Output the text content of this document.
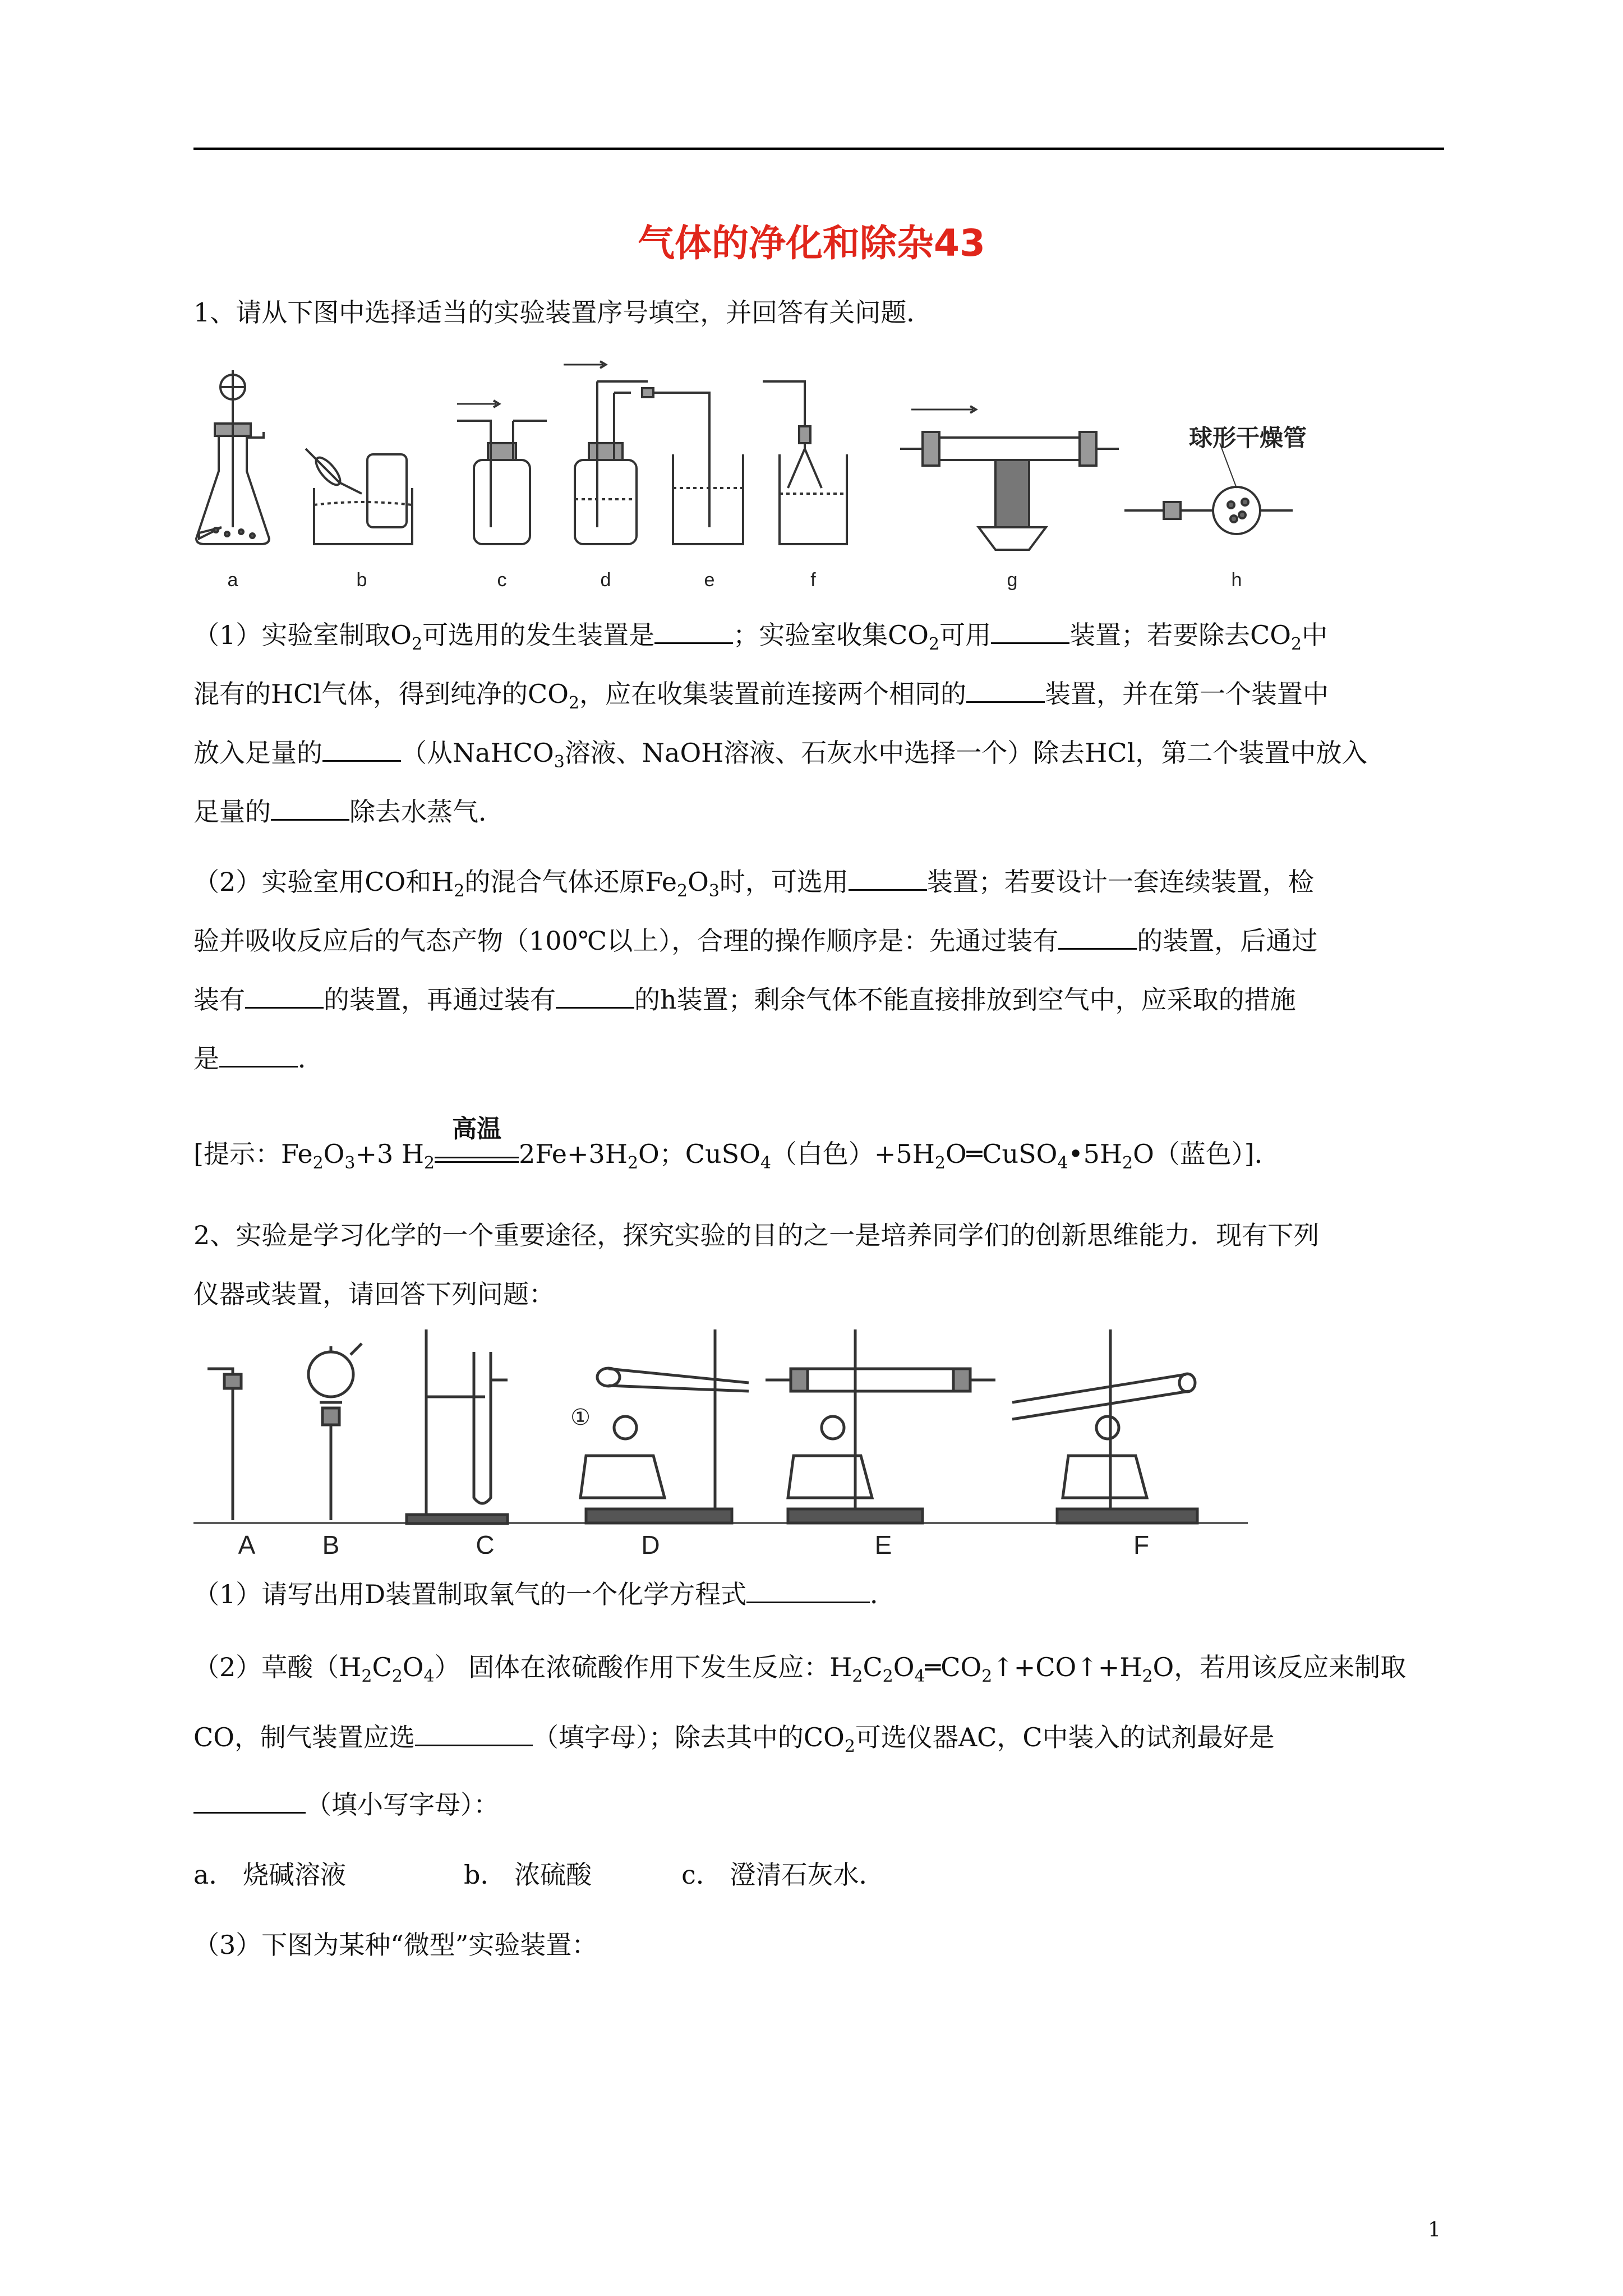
气体的净化和除杂43
1、请从下图中选择适当的实验装置序号填空，并回答有关问题．
a	b	c	d	e	f	g	h
球形干燥管
（1）实验室制取$O_2$可选用的发生装置是	；实验室收集$CO_2$可用	装置；若要除去$CO_2$中
混有的HCl气体，得到纯净的$CO_2$，应在收集装置前连接两个相同的	装置，并在第一个装置中
放入足量的	（从NaHCO$_3$溶液、NaOH溶液、石灰水中选择一个）除去HCl，第二个装置中放入
足量的	除去水蒸气．
（2）实验室用CO和$H_2$的混合气体还原$Fe_2O_3$时，可选用	装置；若要设计一套连续装置，检
验并吸收反应后的气态产物（100℃以上），合理的操作顺序是：先通过装有	的装置，后通过
装有	的装置，再通过装有	的h装置；剩余气体不能直接排放到空气中，应采取的措施
是	．
[提示：$Fe_2O_3+3$ $H_2$
高温
$2Fe+3H_2O$；CuSO$_4$（白色）$+5H_2O═CuSO_4•5H_2O$（蓝色）]．
2、实验是学习化学的一个重要途径，探究实验的目的之一是培养同学们的创新思维能力．现有下列
仪器或装置，请回答下列问题：
A	B	C	D	E	F
①
（1）请写出用D装置制取氧气的一个化学方程式	．
（2）草酸$(H_2C_2O_4)$ 固体在浓硫酸作用下发生反应：$H_2C_2O_4═CO_2↑+CO↑+H_2O$，若用该反应来制取
CO，制气装置应选	（填字母）；除去其中的$CO_2$可选仪器AC，C中装入的试剂最好是
（填小写字母）：
a． 烧碱溶液	b． 浓硫酸	c． 澄清石灰水．
（3）下图为某种“微型”实验装置：
1
